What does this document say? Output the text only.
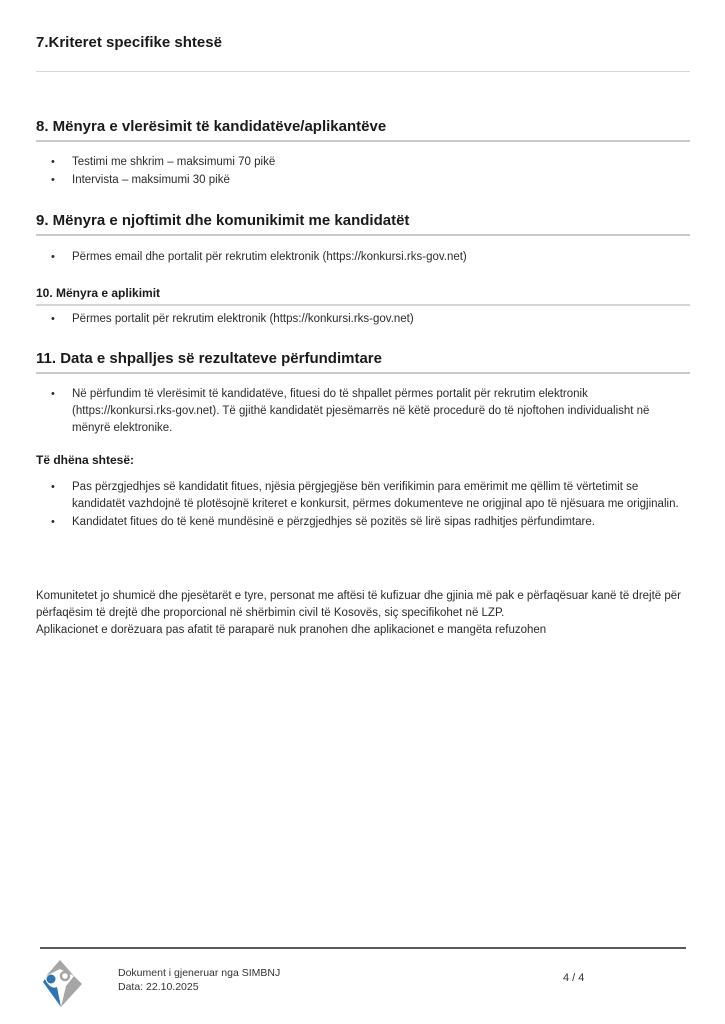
7.Kriteret specifike shtesë
8. Mënyra e vlerësimit të kandidatëve/aplikantëve
• Testimi me shkrim – maksimumi 70 pikë
• Intervista – maksimumi 30 pikë
9. Mënyra e njoftimit dhe komunikimit me kandidatët
• Përmes email dhe portalit për rekrutim elektronik (https://konkursi.rks-gov.net)
10. Mënyra e aplikimit
• Përmes portalit për rekrutim elektronik (https://konkursi.rks-gov.net)
11. Data e shpalljes së rezultateve përfundimtare
• Në përfundim të vlerësimit të kandidatëve, fituesi do të shpallet përmes portalit për rekrutim elektronik (https://konkursi.rks-gov.net). Të gjithë kandidatët pjesëmarrës në këtë procedurë do të njoftohen individualisht në mënyrë elektronike.
Të dhëna shtesë:
• Pas përzgjedhjes së kandidatit fitues, njësia përgjegjëse bën verifikimin para emërimit me qëllim të vërtetimit se kandidatët vazhdojnë të plotësojnë kriteret e konkursit, përmes dokumenteve ne origjinal apo të njësuara me origjinalin.
• Kandidatet fitues do të kenë mundësinë e përzgjedhjes së pozitës së lirë sipas radhitjes përfundimtare.
Komunitetet jo shumicë dhe pjesëtarët e tyre, personat me aftësi të kufizuar dhe gjinia më pak e përfaqësuar kanë të drejtë për përfaqësim të drejtë dhe proporcional në shërbimin civil të Kosovës, siç specifikohet në LZP.
Aplikacionet e dorëzuara pas afatit të paraparë nuk pranohen dhe aplikacionet e mangëta refuzohen
Dokument i gjeneruar nga SIMBNJ
Data: 22.10.2025
4 / 4
